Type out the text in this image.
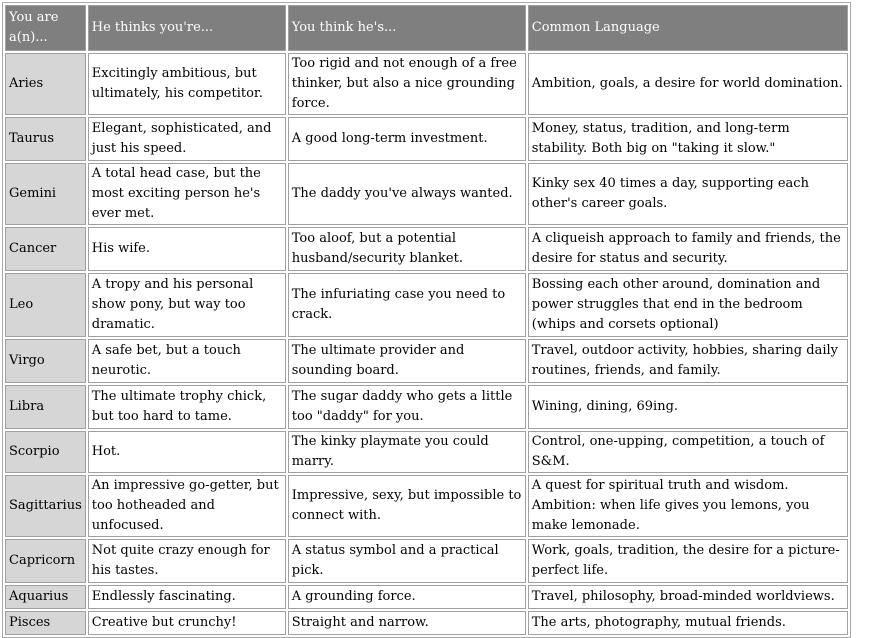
You are a(n)...	He thinks you're...	You think he's...	Common Language
Aries	Excitingly ambitious, but ultimately, his competitor.	Too rigid and not enough of a free thinker, but also a nice grounding force.	Ambition, goals, a desire for world domination.
Taurus	Elegant, sophisticated, and just his speed.	A good long-term investment.	Money, status, tradition, and long-term stability. Both big on "taking it slow."
Gemini	A total head case, but the most exciting person he's ever met.	The daddy you've always wanted.	Kinky sex 40 times a day, supporting each other's career goals.
Cancer	His wife.	Too aloof, but a potential husband/security blanket.	A cliqueish approach to family and friends, the desire for status and security.
Leo	A tropy and his personal show pony, but way too dramatic.	The infuriating case you need to crack.	Bossing each other around, domination and power struggles that end in the bedroom (whips and corsets optional)
Virgo	A safe bet, but a touch neurotic.	The ultimate provider and sounding board.	Travel, outdoor activity, hobbies, sharing daily routines, friends, and family.
Libra	The ultimate trophy chick, but too hard to tame.	The sugar daddy who gets a little too "daddy" for you.	Wining, dining, 69ing.
Scorpio	Hot.	The kinky playmate you could marry.	Control, one-upping, competition, a touch of S&M.
Sagittarius	An impressive go-getter, but too hotheaded and unfocused.	Impressive, sexy, but impossible to connect with.	A quest for spiritual truth and wisdom. Ambition: when life gives you lemons, you make lemonade.
Capricorn	Not quite crazy enough for his tastes.	A status symbol and a practical pick.	Work, goals, tradition, the desire for a picture-perfect life.
Aquarius	Endlessly fascinating.	A grounding force.	Travel, philosophy, broad-minded worldviews.
Pisces	Creative but crunchy!	Straight and narrow.	The arts, photography, mutual friends.
